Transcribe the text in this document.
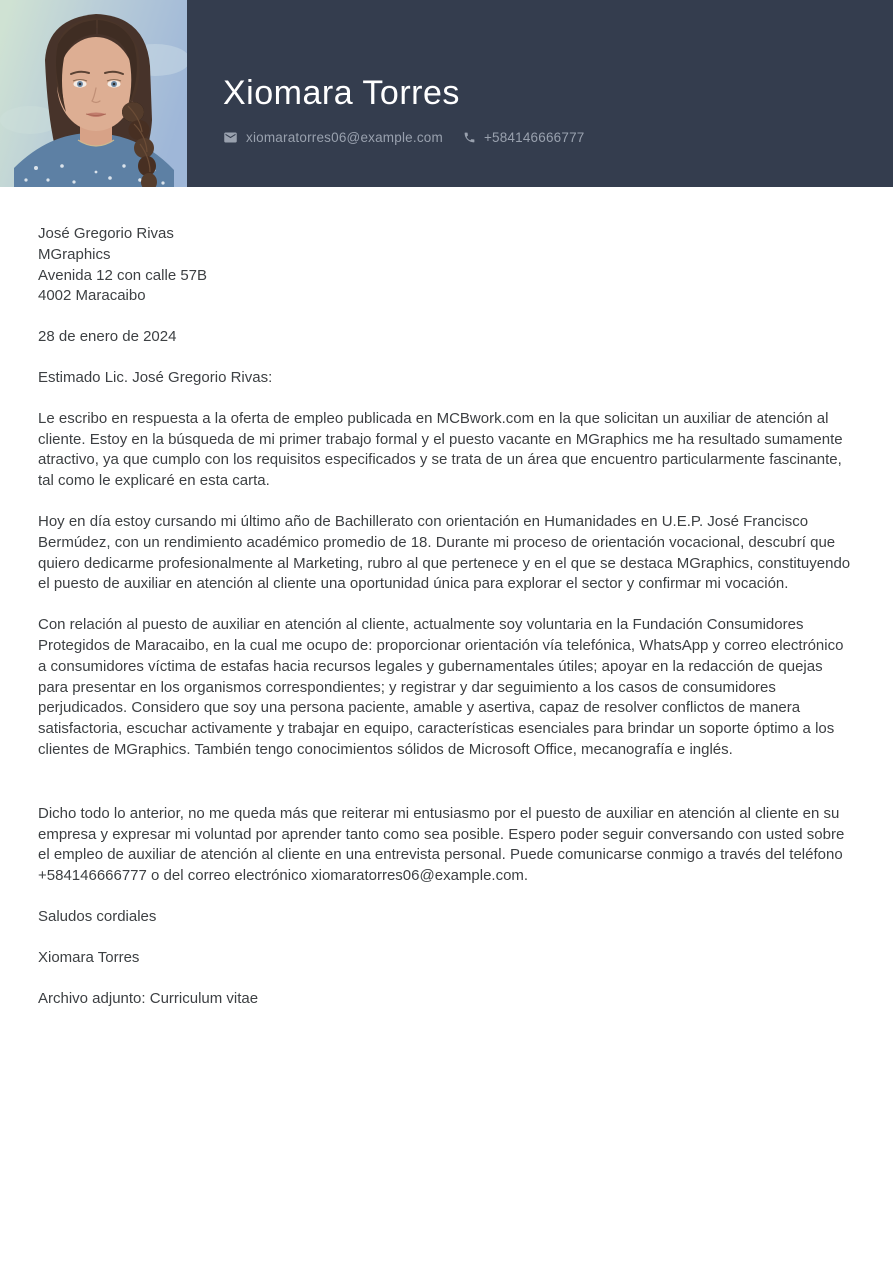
Xiomara Torres
xiomaratorres06@example.com	+584146666777
José Gregorio Rivas
MGraphics
Avenida 12 con calle 57B
4002 Maracaibo
28 de enero de 2024
Estimado Lic. José Gregorio Rivas:

Le escribo en respuesta a la oferta de empleo publicada en MCBwork.com en la que solicitan un auxiliar de atención al cliente. Estoy en la búsqueda de mi primer trabajo formal y el puesto vacante en MGraphics me ha resultado sumamente atractivo, ya que cumplo con los requisitos especificados y se trata de un área que encuentro particularmente fascinante, tal como le explicaré en esta carta.

Hoy en día estoy cursando mi último año de Bachillerato con orientación en Humanidades en U.E.P. José Francisco Bermúdez, con un rendimiento académico promedio de 18. Durante mi proceso de orientación vocacional, descubrí que quiero dedicarme profesionalmente al Marketing, rubro al que pertenece y en el que se destaca MGraphics, constituyendo el puesto de auxiliar en atención al cliente una oportunidad única para explorar el sector y confirmar mi vocación.

Con relación al puesto de auxiliar en atención al cliente, actualmente soy voluntaria en la Fundación Consumidores Protegidos de Maracaibo, en la cual me ocupo de: proporcionar orientación vía telefónica, WhatsApp y correo electrónico a consumidores víctima de estafas hacia recursos legales y gubernamentales útiles; apoyar en la redacción de quejas para presentar en los organismos correspondientes; y registrar y dar seguimiento a los casos de consumidores perjudicados. Considero que soy una persona paciente, amable y asertiva, capaz de resolver conflictos de manera satisfactoria, escuchar activamente y trabajar en equipo, características esenciales para brindar un soporte óptimo a los clientes de MGraphics. También tengo conocimientos sólidos de Microsoft Office, mecanografía e inglés.

Dicho todo lo anterior, no me queda más que reiterar mi entusiasmo por el puesto de auxiliar en atención al cliente en su empresa y expresar mi voluntad por aprender tanto como sea posible. Espero poder seguir conversando con usted sobre el empleo de auxiliar de atención al cliente en una entrevista personal. Puede comunicarse conmigo a través del teléfono +584146666777 o del correo electrónico xiomaratorres06@example.com.

Saludos cordiales
Xiomara Torres
Archivo adjunto: Curriculum vitae
